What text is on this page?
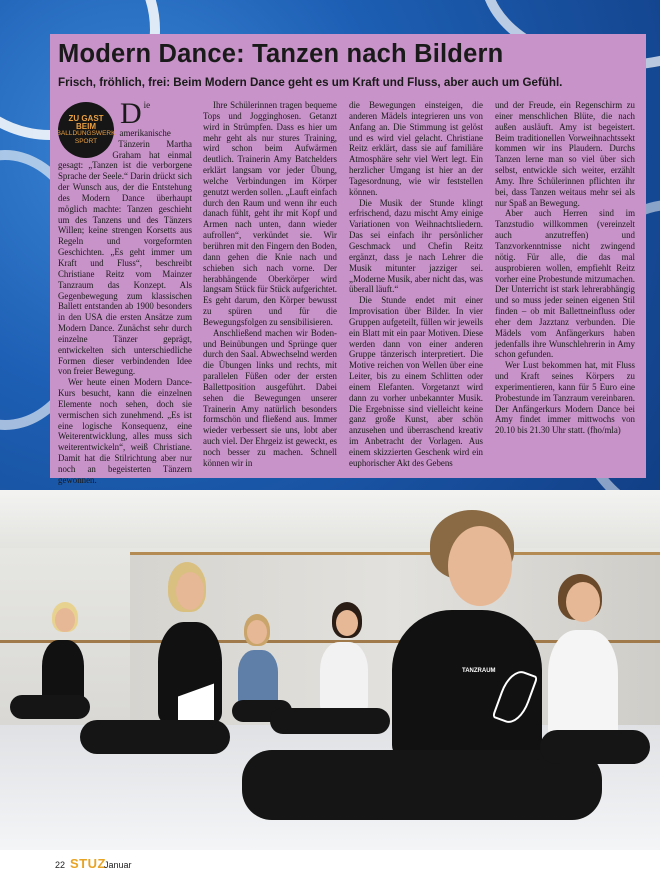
Modern Dance: Tanzen nach Bildern
Frisch, fröhlich, frei: Beim Modern Dance geht es um Kraft und Fluss, aber auch um Gefühl.
ZU GAST
BEIM
BALLDUNGSWERK
SPORT

Die amerikanische Tänzerin Martha Graham hat einmal gesagt: „Tanzen ist die verborgene Sprache der Seele.“ Darin drückt sich der Wunsch aus, der die Entstehung des Modern Dance überhaupt möglich machte: Tanzen geschieht um des Tanzens und des Tänzers Willen; keine strengen Korsetts aus Regeln und vorgeformten Geschichten. „Es geht immer um Kraft und Fluss“, beschreibt Christiane Reitz vom Mainzer Tanzraum das Konzept. Als Gegenbewegung zum klassischen Ballett entstanden ab 1900 besonders in den USA die ersten Ansätze zum Modern Dance. Zunächst sehr durch einzelne Tänzer geprägt, entwickelten sich unterschiedliche Formen dieser verbindenden Idee von freier Bewegung.

Wer heute einen Modern Dance-Kurs besucht, kann die einzelnen Elemente noch sehen, doch sie vermischen sich zunehmend. „Es ist eine logische Konsequenz, eine Weiterentwicklung, alles muss sich weiterentwickeln“, weiß Christiane. Damit hat die Stilrichtung aber nur noch an begeisterten Tänzern gewonnen.

Ihre Schülerinnen tragen bequeme Tops und Jogginghosen. Getanzt wird in Strümpfen. Dass es hier um mehr geht als nur stures Training, wird schon beim Aufwärmen deutlich. Trainerin Amy Batchelders erklärt langsam vor jeder Übung, welche Verbindungen im Körper genutzt werden sollen. „Lauft einfach durch den Raum und wenn ihr euch danach fühlt, geht ihr mit Kopf und Armen nach unten, dann wieder aufrollen“, verkündet sie. Wir berühren mit den Fingern den Boden, dann gehen die Knie nach und schieben sich nach vorne. Der herabhängende Oberkörper wird langsam Stück für Stück aufgerichtet. Es geht darum, den Körper bewusst zu spüren und für die Bewegungsfolgen zu sensibilisieren.

Anschließend machen wir Boden- und Beinübungen und Sprünge quer durch den Saal. Abwechselnd werden die Übungen links und rechts, mit parallelen Füßen oder der ersten Ballettposition ausgeführt. Dabei sehen die Bewegungen unserer Trainerin Amy natürlich besonders formschön und fließend aus. Immer wieder verbessert sie uns, lobt aber auch viel. Der Ehrgeiz ist geweckt, es noch besser zu machen. Schnell können wir in

die Bewegungen einsteigen, die anderen Mädels integrieren uns von Anfang an. Die Stimmung ist gelöst und es wird viel gelacht. Christiane Reitz erklärt, dass sie auf familiäre Atmosphäre sehr viel Wert legt. Ein herzlicher Umgang ist hier an der Tagesordnung, wie wir feststellen können.

Die Musik der Stunde klingt erfrischend, dazu mischt Amy einige Variationen von Weihnachtsliedern. Das sei einfach ihr persönlicher Geschmack und Chefin Reitz ergänzt, dass je nach Lehrer die Musik mitunter jazziger sei. „Moderne Musik, aber nicht das, was überall läuft.“

Die Stunde endet mit einer Improvisation über Bilder. In vier Gruppen aufgeteilt, füllen wir jeweils ein Blatt mit ein paar Motiven. Diese werden dann von einer anderen Gruppe tänzerisch interpretiert. Die Motive reichen von Wellen über eine Leiter, bis zu einem Schlitten oder einem Elefanten. Vorgetanzt wird dann zu vorher unbekannter Musik. Die Ergebnisse sind vielleicht keine ganz große Kunst, aber schön anzusehen und überraschend kreativ im Anbetracht der Vorlagen. Aus einem skizzierten Geschenk wird ein euphorischer Akt des Gebens

und der Freude, ein Regenschirm zu einer menschlichen Blüte, die nach außen ausläuft. Amy ist begeistert. Beim traditionellen Vorweihnachtssekt kommen wir ins Plaudern. Durchs Tanzen lerne man so viel über sich selbst, entwickle sich weiter, erzählt Amy. Ihre Schülerinnen pflichten ihr bei, dass Tanzen weitaus mehr sei als nur Spaß an Bewegung.

Aber auch Herren sind im Tanzstudio willkommen (vereinzelt auch anzutreffen) und Tanzvorkenntnisse nicht zwingend nötig. Für alle, die das mal ausprobieren wollen, empfiehlt Reitz vorher eine Probestunde mitzumachen. Der Unterricht ist stark lehrerabhängig und so muss jeder seinen eigenen Stil finden – ob mit Ballettneinfluss oder eher dem Jazztanz verbunden. Die Mädels vom Anfängerkurs haben jedenfalls ihre Wunschlehrerin in Amy schon gefunden.

Wer Lust bekommen hat, mit Fluss und Kraft seines Körpers zu experimentieren, kann für 5 Euro eine Probestunde im Tanzraum vereinbaren. Der Anfängerkurs Modern Dance bei Amy findet immer mittwochs von 20.10 bis 21.30 Uhr statt. (fho/mla)

TANZRAUM
22 STUZ
Januar
